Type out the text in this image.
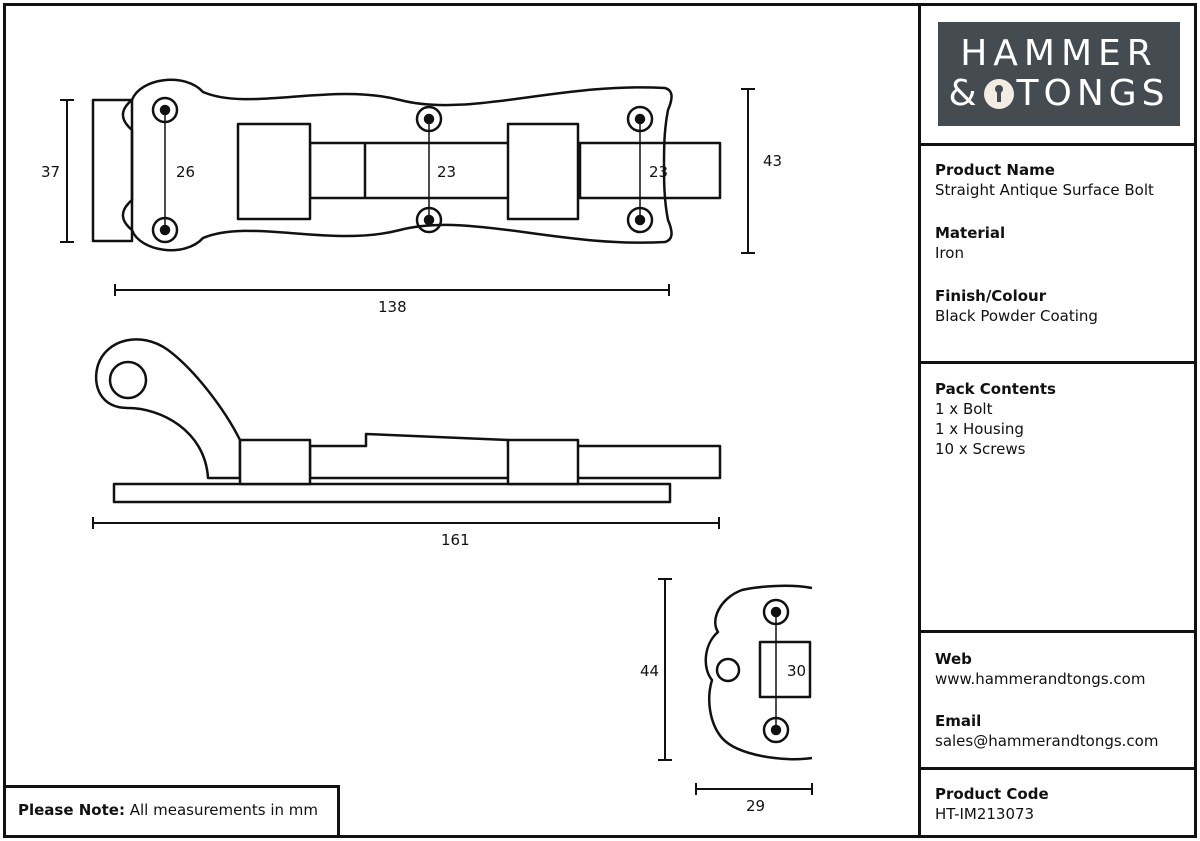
37	26	23	23
43
138
161
44	30
29
HAMMER
& TONGS
Product Name
Straight Antique Surface Bolt
Material
Iron
Finish/Colour
Black Powder Coating
Pack Contents
1 x Bolt
1 x Housing
10 x Screws
Web
www.hammerandtongs.com
Email
sales@hammerandtongs.com
Product Code
HT-IM213073
Please Note: All measurements in mm
